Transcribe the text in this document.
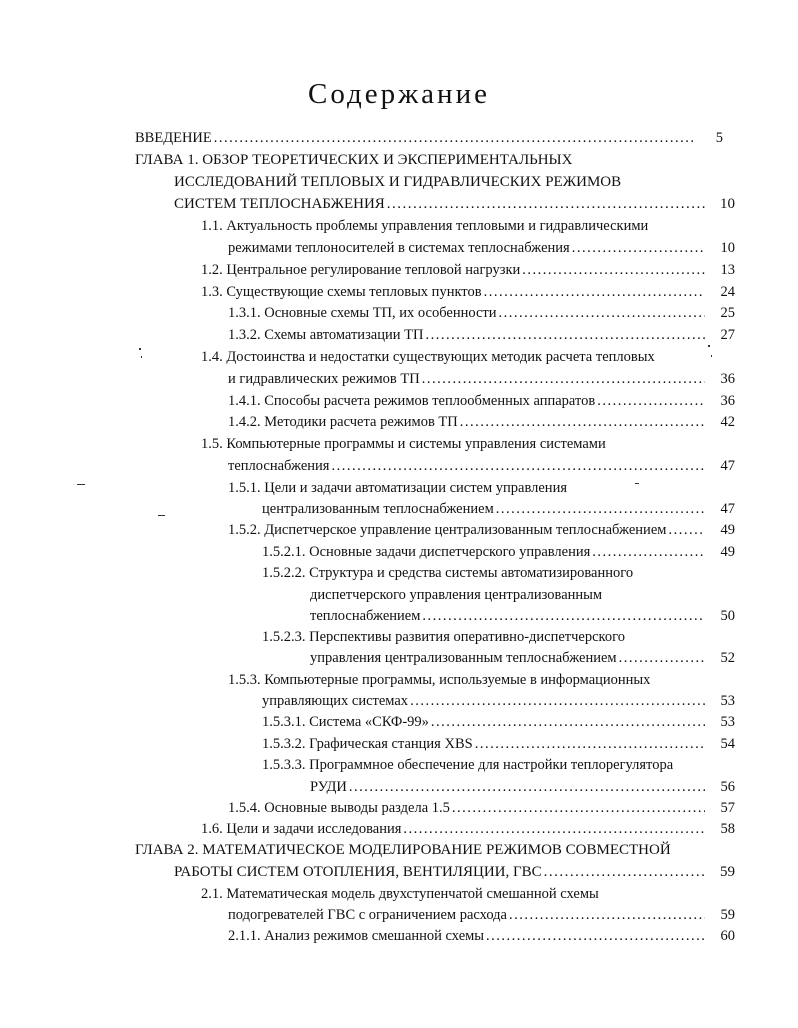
Содержание
ВВЕДЕНИЕ .....	5
ГЛАВА 1. ОБЗОР ТЕОРЕТИЧЕСКИХ И ЭКСПЕРИМЕНТАЛЬНЫХ
ИССЛЕДОВАНИЙ ТЕПЛОВЫХ И ГИДРАВЛИЧЕСКИХ РЕЖИМОВ
СИСТЕМ ТЕПЛОСНАБЖЕНИЯ .....	10
1.1. Актуальность проблемы управления тепловыми и гидравлическими
режимами теплоносителей в системах теплоснабжения .....	10
1.2. Центральное регулирование тепловой нагрузки .....	13
1.3. Существующие схемы тепловых пунктов .....	24
1.3.1. Основные схемы ТП, их особенности .....	25
1.3.2. Схемы автоматизации ТП .....	27
1.4. Достоинства и недостатки существующих методик расчета тепловых
и гидравлических режимов ТП .....	36
1.4.1. Способы расчета режимов теплообменных аппаратов .....	36
1.4.2. Методики расчета режимов ТП .....	42
1.5. Компьютерные программы и системы управления системами
теплоснабжения .....	47
1.5.1. Цели и задачи автоматизации систем управления
централизованным теплоснабжением .....	47
1.5.2. Диспетчерское управление централизованным теплоснабжением .....	49
1.5.2.1. Основные задачи диспетчерского управления .....	49
1.5.2.2. Структура и средства системы автоматизированного
диспетчерского управления централизованным
теплоснабжением .....	50
1.5.2.3. Перспективы развития оперативно-диспетчерского
управления централизованным теплоснабжением .....	52
1.5.3. Компьютерные программы, используемые в информационных
управляющих системах .....	53
1.5.3.1. Система «СКФ-99» .....	53
1.5.3.2. Графическая станция XBS .....	54
1.5.3.3. Программное обеспечение для настройки теплорегулятора
РУДИ .....	56
1.5.4. Основные выводы раздела 1.5 .....	57
1.6. Цели и задачи исследования .....	58
ГЛАВА 2. МАТЕМАТИЧЕСКОЕ МОДЕЛИРОВАНИЕ РЕЖИМОВ СОВМЕСТНОЙ
РАБОТЫ СИСТЕМ ОТОПЛЕНИЯ, ВЕНТИЛЯЦИИ, ГВС .....	59
2.1. Математическая модель двухступенчатой смешанной схемы
подогревателей ГВС с ограничением расхода .....	59
2.1.1. Анализ режимов смешанной схемы .....	60
